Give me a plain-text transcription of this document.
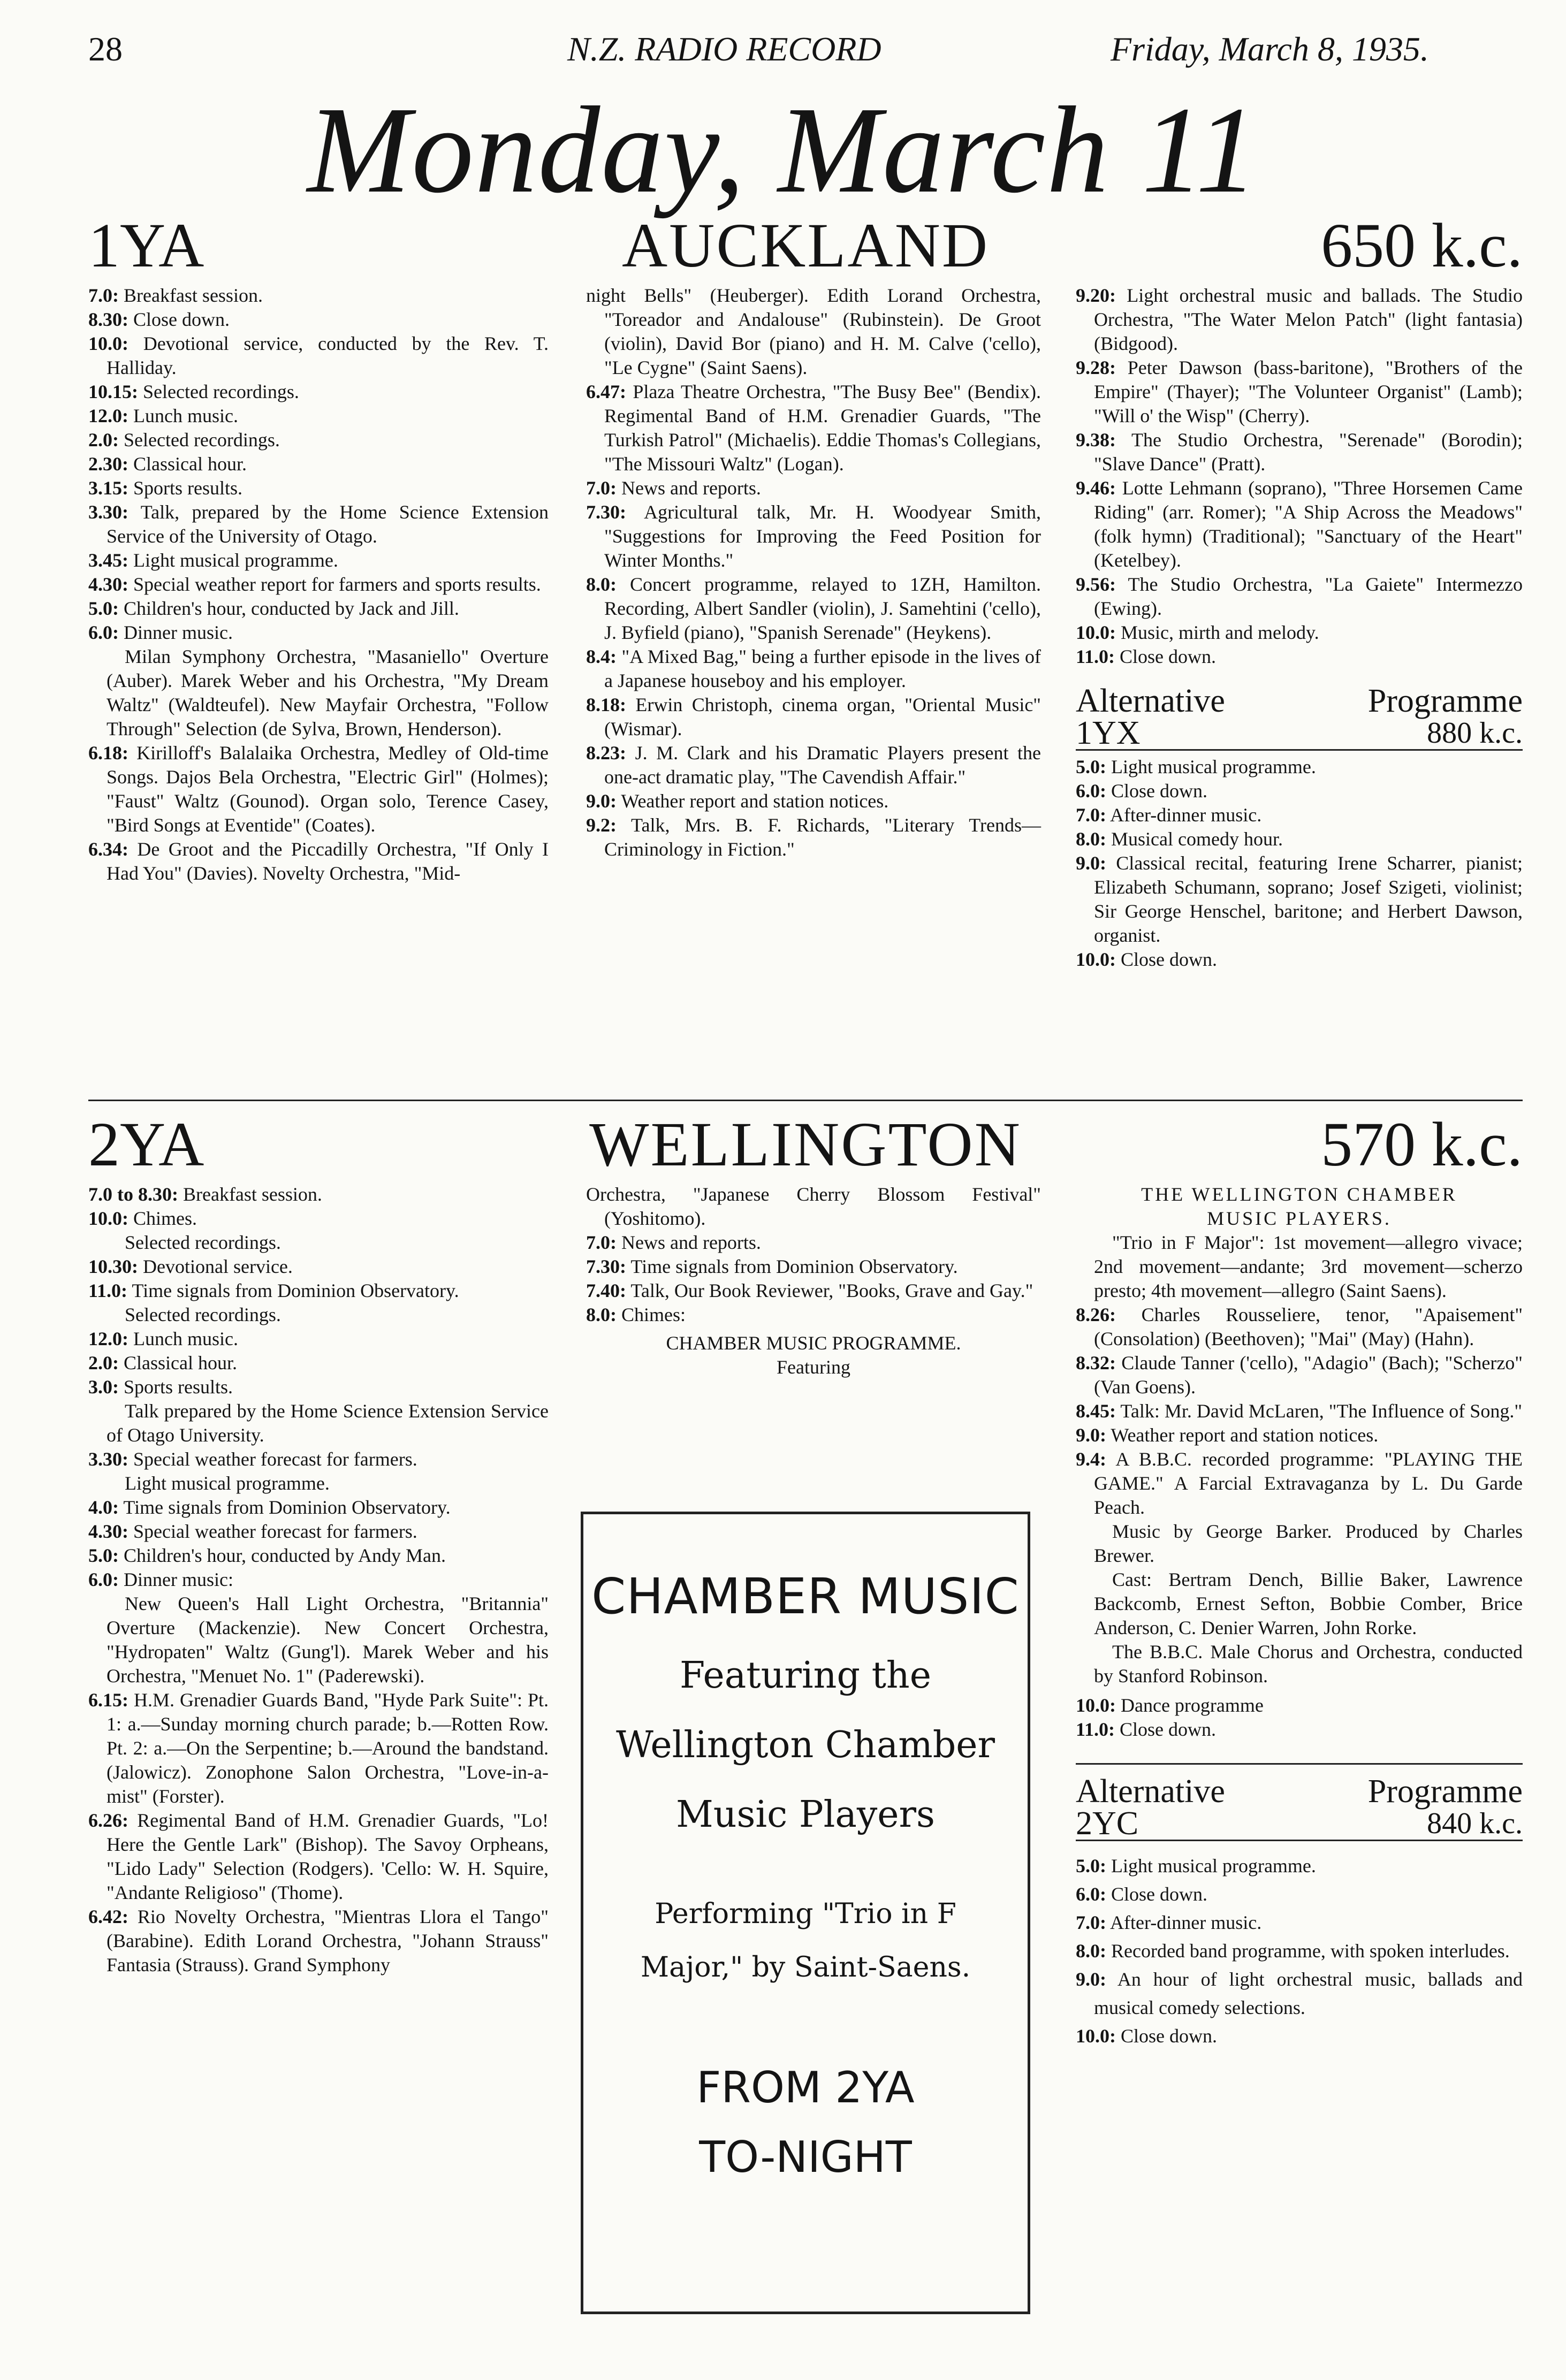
28	N.Z. RADIO RECORD	Friday, March 8, 1935.
Monday, March 11
1YA	AUCKLAND	650 k.c.

7.0: Breakfast session.

8.30: Close down.

10.0: Devotional service, conducted by the Rev. T. Halliday.

10.15: Selected recordings.

12.0: Lunch music.

2.0: Selected recordings.

2.30: Classical hour.

3.15: Sports results.

3.30: Talk, prepared by the Home Science Extension Service of the University of Otago.

3.45: Light musical programme.

4.30: Special weather report for farmers and sports results.

5.0: Children's hour, conducted by Jack and Jill.

6.0: Dinner music.

Milan Symphony Orchestra, "Masaniello" Overture (Auber). Marek Weber and his Orchestra, "My Dream Waltz" (Waldteufel). New Mayfair Orchestra, "Follow Through" Selection (de Sylva, Brown, Henderson).

6.18: Kirilloff's Balalaika Orchestra, Medley of Old-time Songs. Dajos Bela Orchestra, "Electric Girl" (Holmes); "Faust" Waltz (Gounod). Organ solo, Terence Casey, "Bird Songs at Eventide" (Coates).

6.34: De Groot and the Piccadilly Orchestra, "If Only I Had You" (Davies). Novelty Orchestra, "Mid-

night Bells" (Heuberger). Edith Lorand Orchestra, "Toreador and Andalouse" (Rubinstein). De Groot (violin), David Bor (piano) and H. M. Calve ('cello), "Le Cygne" (Saint Saens).

6.47: Plaza Theatre Orchestra, "The Busy Bee" (Bendix). Regimental Band of H.M. Grenadier Guards, "The Turkish Patrol" (Michaelis). Eddie Thomas's Collegians, "The Missouri Waltz" (Logan).

7.0: News and reports.

7.30: Agricultural talk, Mr. H. Woodyear Smith, "Suggestions for Improving the Feed Position for Winter Months."

8.0: Concert programme, relayed to 1ZH, Hamilton. Recording, Albert Sandler (violin), J. Samehtini ('cello), J. Byfield (piano), "Spanish Serenade" (Heykens).

8.4: "A Mixed Bag," being a further episode in the lives of a Japanese houseboy and his employer.

8.18: Erwin Christoph, cinema organ, "Oriental Music" (Wismar).

8.23: J. M. Clark and his Dramatic Players present the one-act dramatic play, "The Cavendish Affair."

9.0: Weather report and station notices.

9.2: Talk, Mrs. B. F. Richards, "Literary Trends—Criminology in Fiction."

9.20: Light orchestral music and ballads. The Studio Orchestra, "The Water Melon Patch" (light fantasia) (Bidgood).

9.28: Peter Dawson (bass-baritone), "Brothers of the Empire" (Thayer); "The Volunteer Organist" (Lamb); "Will o' the Wisp" (Cherry).

9.38: The Studio Orchestra, "Serenade" (Borodin); "Slave Dance" (Pratt).

9.46: Lotte Lehmann (soprano), "Three Horsemen Came Riding" (arr. Romer); "A Ship Across the Meadows" (folk hymn) (Traditional); "Sanctuary of the Heart" (Ketelbey).

9.56: The Studio Orchestra, "La Gaiete" Intermezzo (Ewing).

10.0: Music, mirth and melody.

11.0: Close down.

Alternative	Programme
1YX	880 k.c.

5.0: Light musical programme.

6.0: Close down.

7.0: After-dinner music.

8.0: Musical comedy hour.

9.0: Classical recital, featuring Irene Scharrer, pianist; Elizabeth Schumann, soprano; Josef Szigeti, violinist; Sir George Henschel, baritone; and Herbert Dawson, organist.

10.0: Close down.

2YA	WELLINGTON	570 k.c.

7.0 to 8.30: Breakfast session.

10.0: Chimes.

Selected recordings.

10.30: Devotional service.

11.0: Time signals from Dominion Observatory.

Selected recordings.

12.0: Lunch music.

2.0: Classical hour.

3.0: Sports results.

Talk prepared by the Home Science Extension Service of Otago University.

3.30: Special weather forecast for farmers.

Light musical programme.

4.0: Time signals from Dominion Observatory.

4.30: Special weather forecast for farmers.

5.0: Children's hour, conducted by Andy Man.

6.0: Dinner music:

New Queen's Hall Light Orchestra, "Britannia" Overture (Mackenzie). New Concert Orchestra, "Hydropaten" Waltz (Gung'l). Marek Weber and his Orchestra, "Menuet No. 1" (Paderewski).

6.15: H.M. Grenadier Guards Band, "Hyde Park Suite": Pt. 1: a.—Sunday morning church parade; b.—Rotten Row. Pt. 2: a.—On the Serpentine; b.—Around the bandstand. (Jalowicz). Zonophone Salon Orchestra, "Love-in-a-mist" (Forster).

6.26: Regimental Band of H.M. Grenadier Guards, "Lo! Here the Gentle Lark" (Bishop). The Savoy Orpheans, "Lido Lady" Selection (Rodgers). 'Cello: W. H. Squire, "Andante Religioso" (Thome).

6.42: Rio Novelty Orchestra, "Mientras Llora el Tango" (Barabine). Edith Lorand Orchestra, "Johann Strauss" Fantasia (Strauss). Grand Symphony

Orchestra, "Japanese Cherry Blossom Festival" (Yoshitomo).

7.0: News and reports.

7.30: Time signals from Dominion Observatory.

7.40: Talk, Our Book Reviewer, "Books, Grave and Gay."

8.0: Chimes:

CHAMBER MUSIC PROGRAMME.

Featuring

CHAMBER MUSIC
Featuring the
Wellington Chamber
Music Players
Performing "Trio in F
Major," by Saint-Saens.
FROM 2YA
TO-NIGHT

THE WELLINGTON CHAMBER

MUSIC PLAYERS.

"Trio in F Major": 1st movement—allegro vivace; 2nd movement—andante; 3rd movement—scherzo presto; 4th movement—allegro (Saint Saens).

8.26: Charles Rousseliere, tenor, "Apaisement" (Consolation) (Beethoven); "Mai" (May) (Hahn).

8.32: Claude Tanner ('cello), "Adagio" (Bach); "Scherzo" (Van Goens).

8.45: Talk: Mr. David McLaren, "The Influence of Song."

9.0: Weather report and station notices.

9.4: A B.B.C. recorded programme: "PLAYING THE GAME." A Farcial Extravaganza by L. Du Garde Peach.

Music by George Barker. Produced by Charles Brewer.

Cast: Bertram Dench, Billie Baker, Lawrence Backcomb, Ernest Sefton, Bobbie Comber, Brice Anderson, C. Denier Warren, John Rorke.

The B.B.C. Male Chorus and Orchestra, conducted by Stanford Robinson.

10.0: Dance programme

11.0: Close down.

Alternative	Programme
2YC	840 k.c.

5.0: Light musical programme.

6.0: Close down.

7.0: After-dinner music.

8.0: Recorded band programme, with spoken interludes.

9.0: An hour of light orchestral music, ballads and musical comedy selections.

10.0: Close down.
